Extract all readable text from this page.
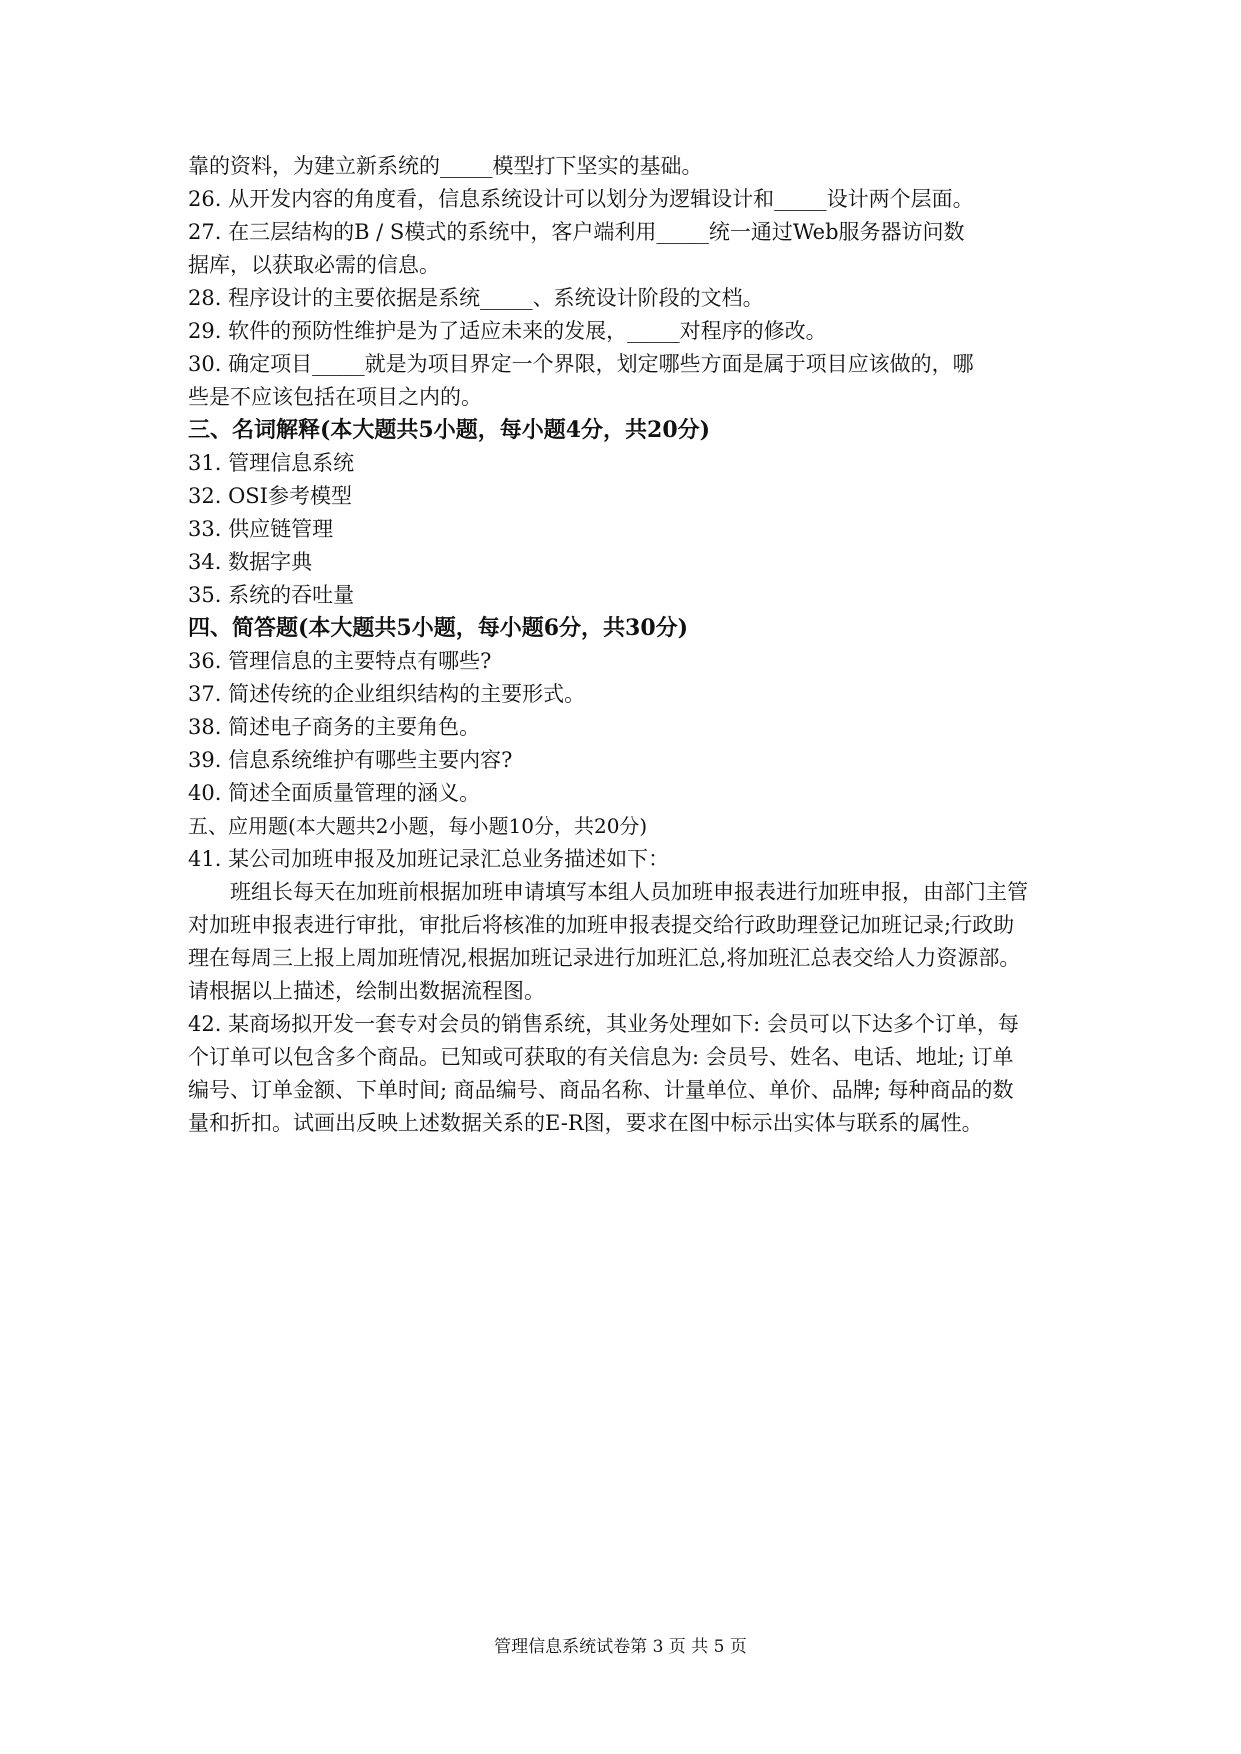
靠的资料，为建立新系统的_____模型打下坚实的基础。
26. 从开发内容的角度看，信息系统设计可以划分为逻辑设计和_____设计两个层面。
27. 在三层结构的B / S模式的系统中，客户端利用_____统一通过Web服务器访问数
据库，以获取必需的信息。
28. 程序设计的主要依据是系统_____、系统设计阶段的文档。
29. 软件的预防性维护是为了适应未来的发展，_____对程序的修改。
30. 确定项目_____就是为项目界定一个界限，划定哪些方面是属于项目应该做的，哪
些是不应该包括在项目之内的。
三、名词解释(本大题共5小题，每小题4分，共20分)
31. 管理信息系统
32. OSI参考模型
33. 供应链管理
34. 数据字典
35. 系统的吞吐量
四、简答题(本大题共5小题，每小题6分，共30分)
36. 管理信息的主要特点有哪些?
37. 简述传统的企业组织结构的主要形式。
38. 简述电子商务的主要角色。
39. 信息系统维护有哪些主要内容?
40. 简述全面质量管理的涵义。
五、应用题(本大题共2小题，每小题10分，共20分)
41. 某公司加班申报及加班记录汇总业务描述如下：
班组长每天在加班前根据加班申请填写本组人员加班申报表进行加班申报，由部门主管
对加班申报表进行审批，审批后将核准的加班申报表提交给行政助理登记加班记录;行政助
理在每周三上报上周加班情况,根据加班记录进行加班汇总,将加班汇总表交给人力资源部。
请根据以上描述，绘制出数据流程图。
42. 某商场拟开发一套专对会员的销售系统，其业务处理如下: 会员可以下达多个订单，每
个订单可以包含多个商品。已知或可获取的有关信息为: 会员号、姓名、电话、地址; 订单
编号、订单金额、下单时间; 商品编号、商品名称、计量单位、单价、品牌; 每种商品的数
量和折扣。试画出反映上述数据关系的E-R图，要求在图中标示出实体与联系的属性。
管理信息系统试卷第 3 页 共 5 页
